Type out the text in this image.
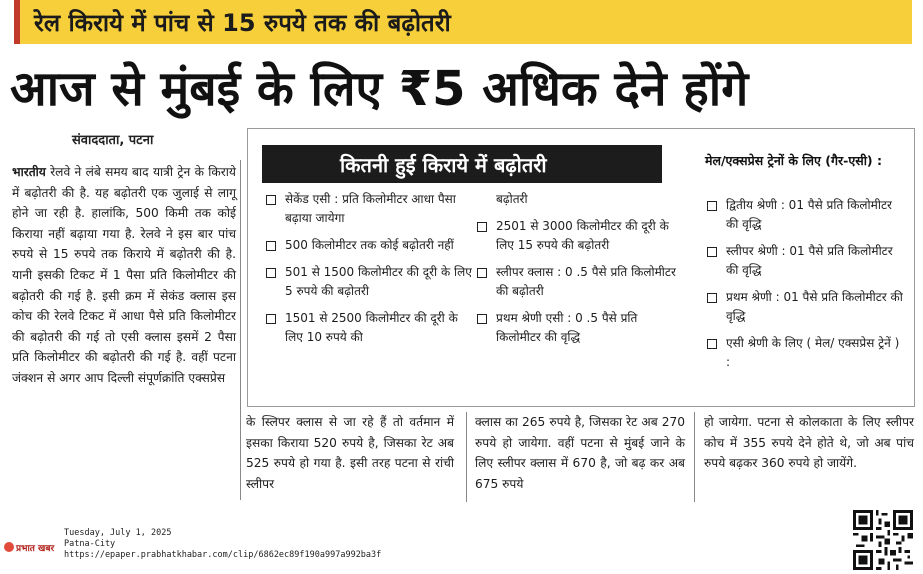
रेल किराये में पांच से 15 रुपये तक की बढ़ोतरी
आज से मुंबई के लिए ₹5 अधिक देने होंगे
संवाददाता, पटना
भारतीय रेलवे ने लंबे समय बाद यात्री ट्रेन के किराये में बढ़ोतरी की है. यह बढ़ोतरी एक जुलाई से लागू होने जा रही है. हालांकि, 500 किमी तक कोई किराया नहीं बढ़ाया गया है. रेलवे ने इस बार पांच रुपये से 15 रुपये तक किराये में बढ़ोतरी की है. यानी इसकी टिकट में 1 पैसा प्रति किलोमीटर की बढ़ोतरी की गई है. इसी क्रम में सेकंड क्लास इस कोच की रेलवे टिकट में आधा पैसे प्रति किलोमीटर की बढ़ोतरी की गई तो एसी क्लास इसमें 2 पैसा प्रति किलोमीटर की बढ़ोतरी की गई है. वहीं पटना जंक्शन से अगर आप दिल्ली संपूर्णक्रांति एक्सप्रेस
कितनी हुई किराये में बढ़ोतरी
सेकेंड एसी : प्रति किलोमीटर आधा पैसा बढ़ाया जायेगा
500 किलोमीटर तक कोई बढ़ोतरी नहीं
501 से 1500 किलोमीटर की दूरी के लिए 5 रुपये की बढ़ोतरी
1501 से 2500 किलोमीटर की दूरी के लिए 10 रुपये की
बढ़ोतरी
2501 से 3000 किलोमीटर की दूरी के लिए 15 रुपये की बढ़ोतरी
स्लीपर क्लास : 0 .5 पैसे प्रति किलोमीटर की बढ़ोतरी
प्रथम श्रेणी एसी : 0 .5 पैसे प्रति किलोमीटर की वृद्धि
मेल/एक्सप्रेस ट्रेनों के लिए (गैर-एसी) :
द्वितीय श्रेणी : 01 पैसे प्रति किलोमीटर की वृद्धि
स्लीपर श्रेणी : 01 पैसे प्रति किलोमीटर की वृद्धि
प्रथम श्रेणी : 01 पैसे प्रति किलोमीटर की वृद्धि
एसी श्रेणी के लिए ( मेल/ एक्सप्रेस ट्रेनें ) :
के स्लिपर क्लास से जा रहे हैं तो वर्तमान में इसका किराया 520 रुपये है, जिसका रेट अब 525 रुपये हो गया है. इसी तरह पटना से रांची स्लीपर
क्लास का 265 रुपये है, जिसका रेट अब 270 रुपये हो जायेगा. वहीं पटना से मुंबई जाने के लिए स्लीपर क्लास में 670 है, जो बढ़ कर अब 675 रुपये
हो जायेगा. पटना से कोलकाता के लिए स्लीपर कोच में 355 रुपये देने होते थे, जो अब पांच रुपये बढ़कर 360 रुपये हो जायेंगे.
प्रभात खबर
Tuesday, July 1, 2025
Patna-City
https://epaper.prabhatkhabar.com/clip/6862ec89f190a997a992ba3f
